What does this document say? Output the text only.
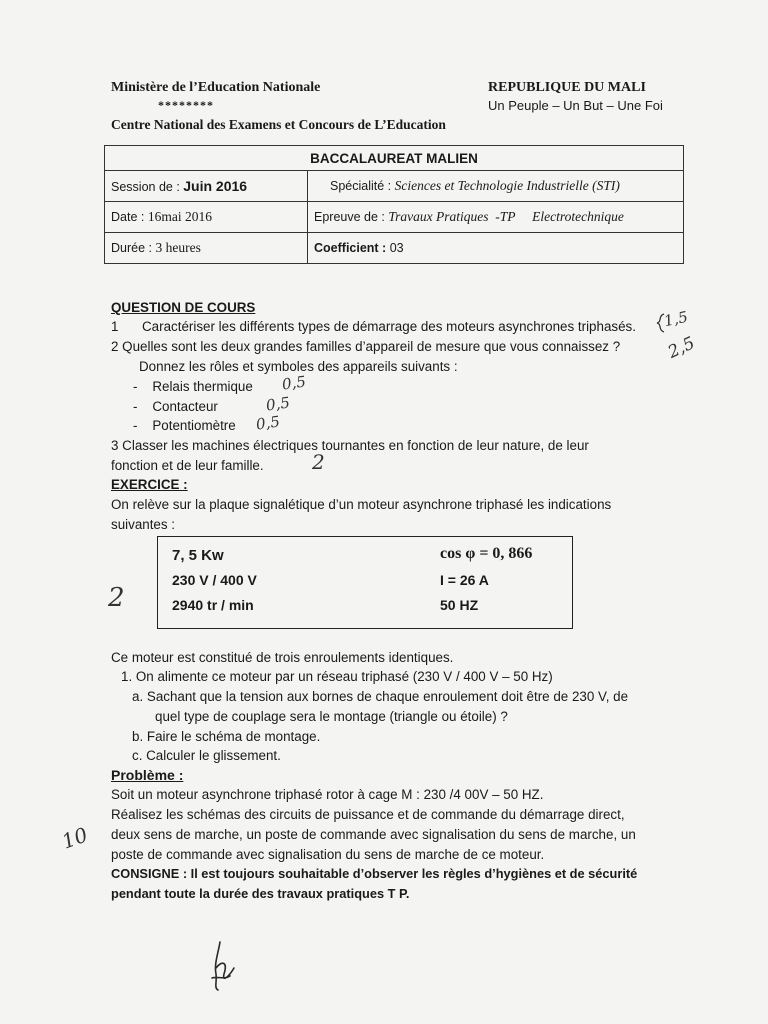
Ministère de l’Education Nationale
********
Centre National des Examens et Concours de L’Education
REPUBLIQUE DU MALI
Un Peuple – Un But – Une Foi
BACCALAUREAT MALIEN	
Session de : Juin 2016	Spécialité : Sciences et Technologie Industrielle (STI)
Date : 16mai 2016	Epreuve de : Travaux Pratiques  -TP     Electrotechnique
Durée : 3 heures	Coefficient : 03
QUESTION DE COURS
1 Caractériser les différents types de démarrage des moteurs asynchrones triphasés.
2 Quelles sont les deux grandes familles d’appareil de mesure que vous connaissez ?
Donnez les rôles et symboles des appareils suivants :
-    Relais thermique
-    Contacteur
-    Potentiomètre
3 Classer les machines électriques tournantes en fonction de leur nature, de leur
fonction et de leur famille.
EXERCICE :
On relève sur la plaque signalétique d’un moteur asynchrone triphasé les indications
suivantes :
7, 5 Kw	cos φ = 0, 866
230 V / 400 V	I = 26 A
2940 tr / min	50 HZ
Ce moteur est constitué de trois enroulements identiques.
1. On alimente ce moteur par un réseau triphasé (230 V / 400 V – 50 Hz)
a. Sachant que la tension aux bornes de chaque enroulement doit être de 230 V, de
quel type de couplage sera le montage (triangle ou étoile) ?
b. Faire le schéma de montage.
c. Calculer le glissement.
Problème :
Soit un moteur asynchrone triphasé rotor à cage M : 230 /4 00V – 50 HZ.
Réalisez les schémas des circuits de puissance et de commande du démarrage direct,
deux sens de marche, un poste de commande avec signalisation du sens de marche, un
poste de commande avec signalisation du sens de marche de ce moteur.
CONSIGNE : Il est toujours souhaitable d’observer les règles d’hygiènes et de sécurité
pendant toute la durée des travaux pratiques T P.
1,5
2,5
0,5
0,5
0,5
2
2
10
